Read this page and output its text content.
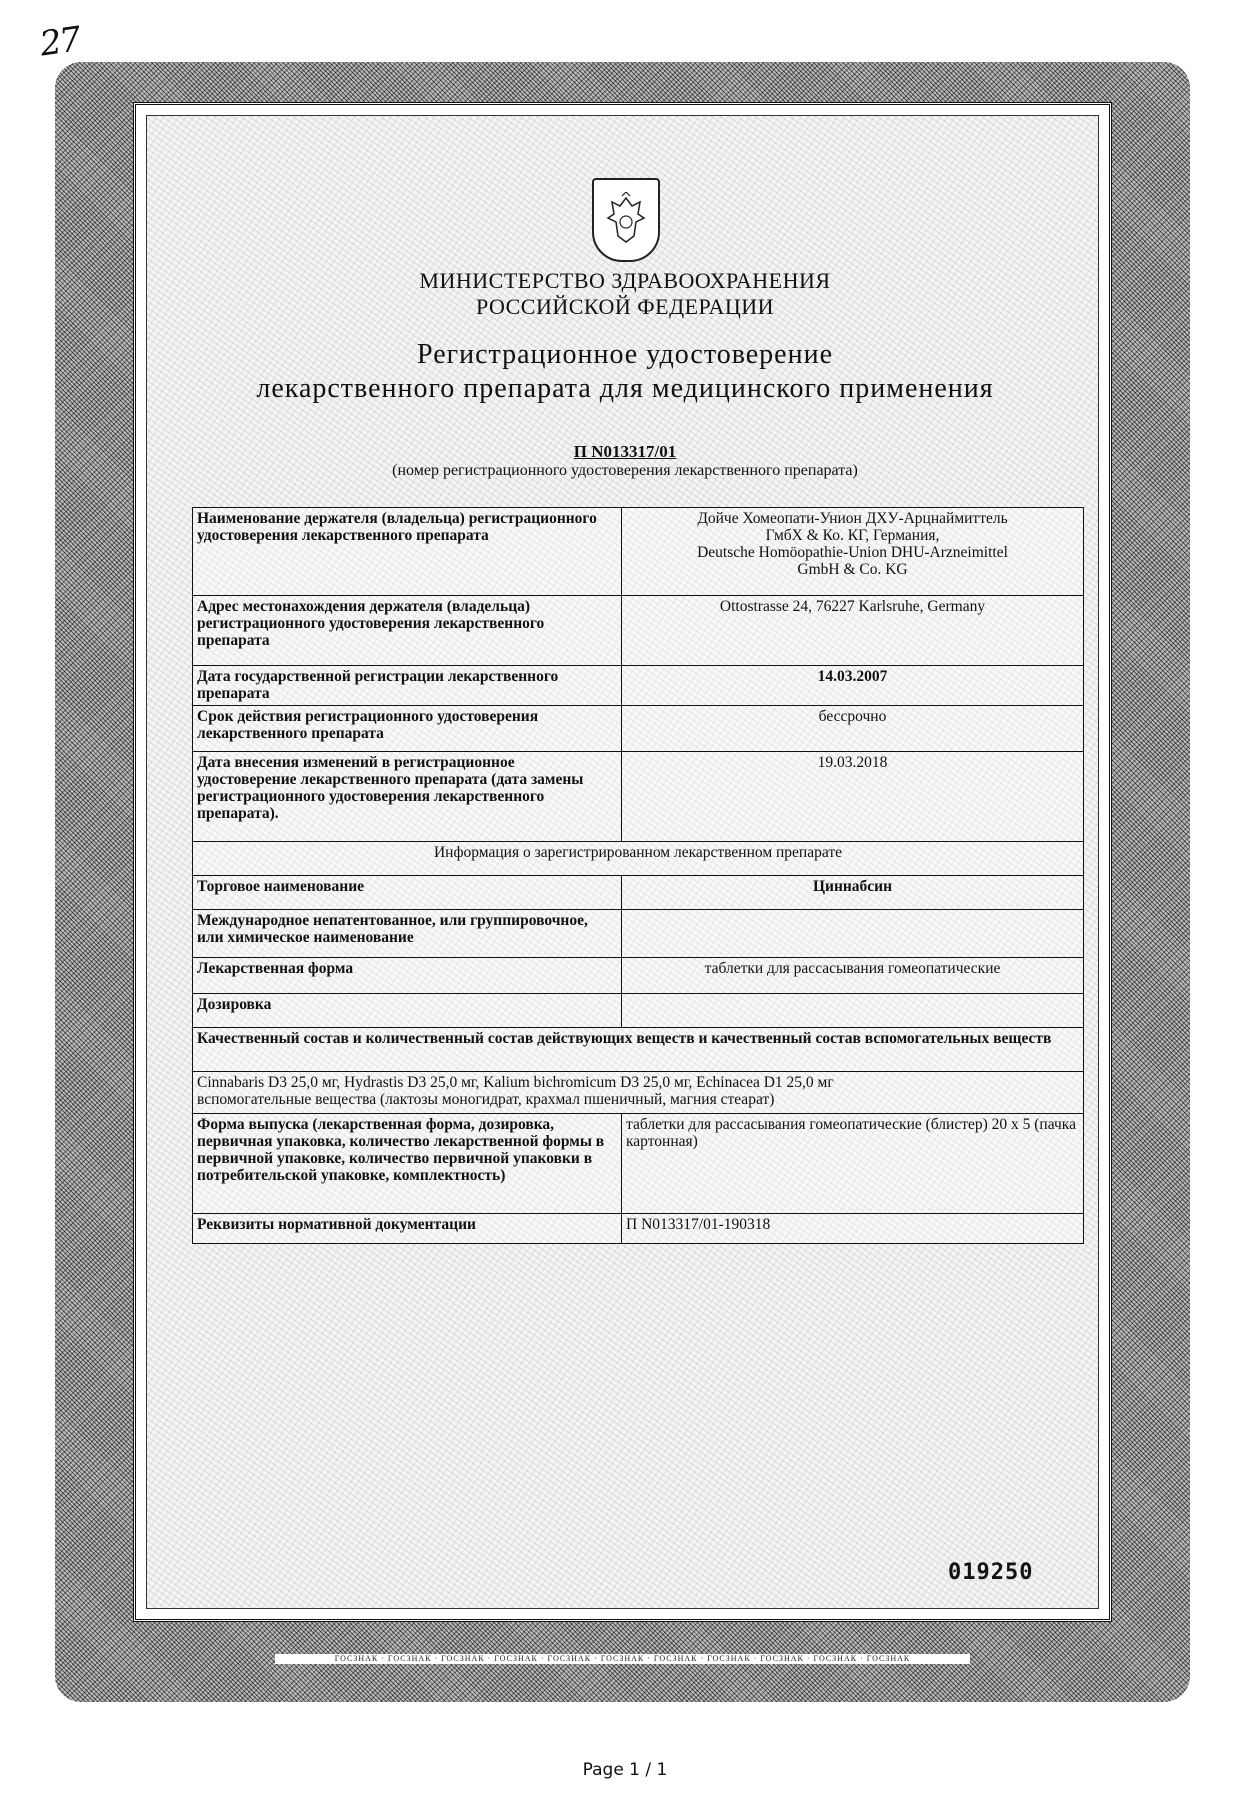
27
ГОСЗНАК · ГОСЗНАК · ГОСЗНАК · ГОСЗНАК · ГОСЗНАК · ГОСЗНАК · ГОСЗНАК · ГОСЗНАК · ГОСЗНАК · ГОСЗНАК · ГОСЗНАК
МИНИСТЕРСТВО ЗДРАВООХРАНЕНИЯ
РОССИЙСКОЙ ФЕДЕРАЦИИ
Регистрационное удостоверение
лекарственного препарата для медицинского применения
П N013317/01
(номер регистрационного удостоверения лекарственного препарата)
Наименование держателя (владельца) регистрационного удостоверения лекарственного препарата	Дойче Хомеопати-Унион ДХУ-Арцнаймиттель
ГмбХ & Ко. КГ, Германия,
Deutsche Homöopathie-Union DHU-Arzneimittel
GmbH & Co. KG

Адрес местонахождения держателя (владельца) регистрационного удостоверения лекарственного препарата	Ottostrasse 24, 76227 Karlsruhe, Germany
Дата государственной регистрации лекарственного препарата	14.03.2007
Срок действия регистрационного удостоверения лекарственного препарата	бессрочно
Дата внесения изменений в регистрационное удостоверение лекарственного препарата (дата замены регистрационного удостоверения лекарственного препарата).	19.03.2018
Информация о зарегистрированном лекарственном препарате	
Торговое наименование	Циннабсин
Международное непатентованное, или группировочное, или химическое наименование	
Лекарственная форма	таблетки для рассасывания гомеопатические
Дозировка	
Качественный состав и количественный состав действующих веществ и качественный состав вспомогательных веществ	

Cinnabaris D3 25,0 мг, Hydrastis D3 25,0 мг, Kalium bichromicum D3 25,0 мг, Echinacea D1 25,0 мг
вспомогательные вещества (лактозы моногидрат, крахмал пшеничный, магния стеарат)	

Форма выпуска (лекарственная форма, дозировка, первичная упаковка, количество лекарственной формы в первичной упаковке, количество первичной упаковки в потребительской упаковке, комплектность)	таблетки для рассасывания гомеопатические (блистер) 20 х 5 (пачка картонная)
Реквизиты нормативной документации	П N013317/01-190318
019250
Page 1 / 1
